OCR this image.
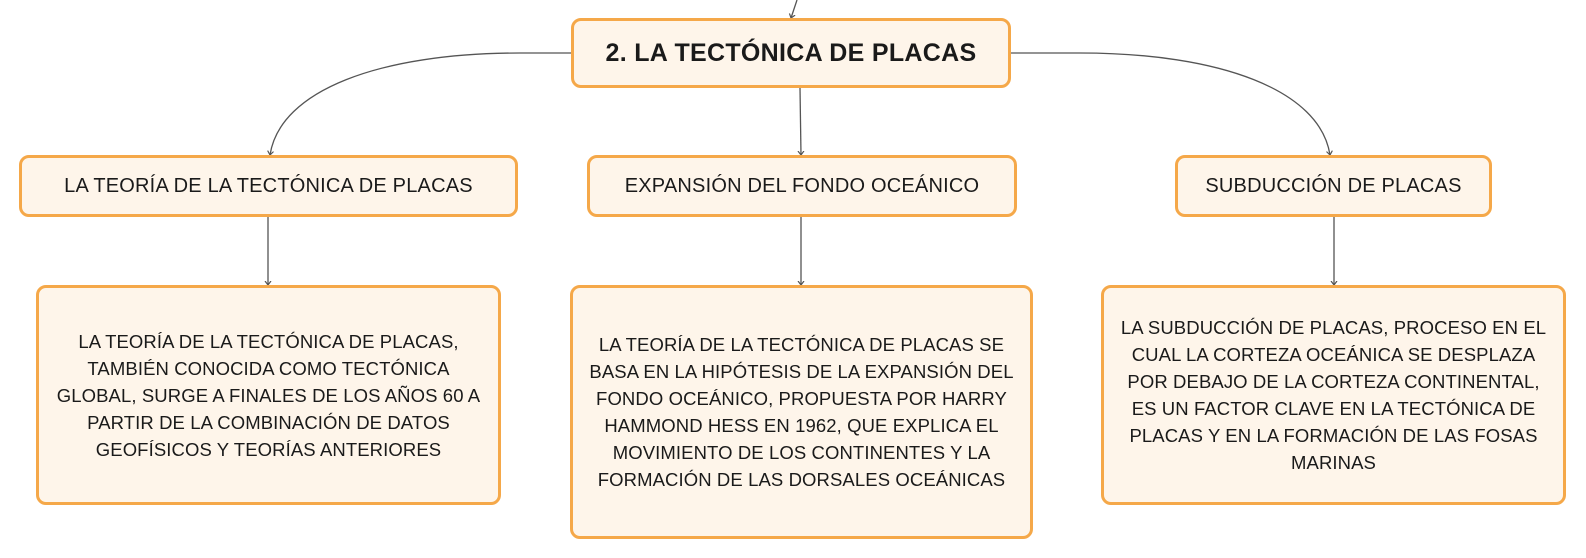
2. LA TECTÓNICA DE PLACAS
LA TEORÍA DE LA TECTÓNICA DE PLACAS	EXPANSIÓN DEL FONDO OCEÁNICO	SUBDUCCIÓN DE PLACAS
LA TEORÍA DE LA TECTÓNICA DE PLACAS, TAMBIÉN CONOCIDA COMO TECTÓNICA GLOBAL, SURGE A FINALES DE LOS AÑOS 60 A PARTIR DE LA COMBINACIÓN DE DATOS GEOFÍSICOS Y TEORÍAS ANTERIORES
LA TEORÍA DE LA TECTÓNICA DE PLACAS SE BASA EN LA HIPÓTESIS DE LA EXPANSIÓN DEL FONDO OCEÁNICO, PROPUESTA POR HARRY HAMMOND HESS EN 1962, QUE EXPLICA EL MOVIMIENTO DE LOS CONTINENTES Y LA FORMACIÓN DE LAS DORSALES OCEÁNICAS
LA SUBDUCCIÓN DE PLACAS, PROCESO EN EL CUAL LA CORTEZA OCEÁNICA SE DESPLAZA POR DEBAJO DE LA CORTEZA CONTINENTAL, ES UN FACTOR CLAVE EN LA TECTÓNICA DE PLACAS Y EN LA FORMACIÓN DE LAS FOSAS MARINAS
